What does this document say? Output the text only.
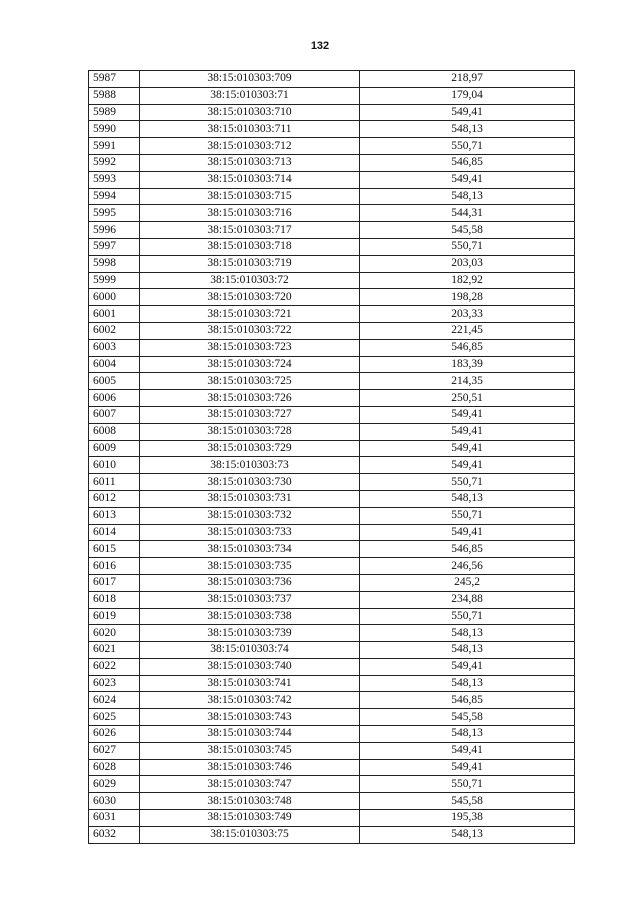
132
5987	38:15:010303:709	218,97
5988	38:15:010303:71	179,04
5989	38:15:010303:710	549,41
5990	38:15:010303:711	548,13
5991	38:15:010303:712	550,71
5992	38:15:010303:713	546,85
5993	38:15:010303:714	549,41
5994	38:15:010303:715	548,13
5995	38:15:010303:716	544,31
5996	38:15:010303:717	545,58
5997	38:15:010303:718	550,71
5998	38:15:010303:719	203,03
5999	38:15:010303:72	182,92
6000	38:15:010303:720	198,28
6001	38:15:010303:721	203,33
6002	38:15:010303:722	221,45
6003	38:15:010303:723	546,85
6004	38:15:010303:724	183,39
6005	38:15:010303:725	214,35
6006	38:15:010303:726	250,51
6007	38:15:010303:727	549,41
6008	38:15:010303:728	549,41
6009	38:15:010303:729	549,41
6010	38:15:010303:73	549,41
6011	38:15:010303:730	550,71
6012	38:15:010303:731	548,13
6013	38:15:010303:732	550,71
6014	38:15:010303:733	549,41
6015	38:15:010303:734	546,85
6016	38:15:010303:735	246,56
6017	38:15:010303:736	245,2
6018	38:15:010303:737	234,88
6019	38:15:010303:738	550,71
6020	38:15:010303:739	548,13
6021	38:15:010303:74	548,13
6022	38:15:010303:740	549,41
6023	38:15:010303:741	548,13
6024	38:15:010303:742	546,85
6025	38:15:010303:743	545,58
6026	38:15:010303:744	548,13
6027	38:15:010303:745	549,41
6028	38:15:010303:746	549,41
6029	38:15:010303:747	550,71
6030	38:15:010303:748	545,58
6031	38:15:010303:749	195,38
6032	38:15:010303:75	548,13
